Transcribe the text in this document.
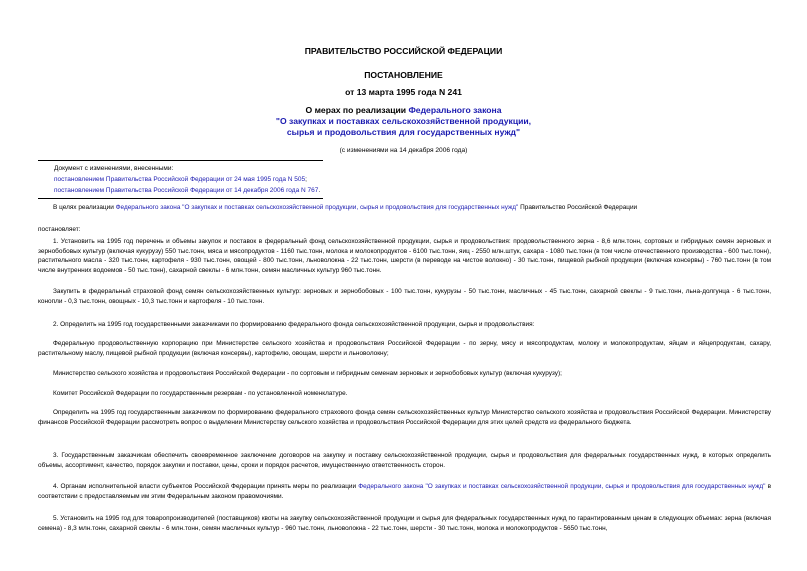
ПРАВИТЕЛЬСТВО РОССИЙСКОЙ ФЕДЕРАЦИИ
ПОСТАНОВЛЕНИЕ
от 13 марта 1995 года N 241
О мерах по реализации Федерального закона
"О закупках и поставках сельскохозяйственной продукции,
сырья и продовольствия для государственных нужд"
(с изменениями на 14 декабря 2006 года)
Документ с изменениями, внесенными:
постановлением Правительства Российской Федерации от 24 мая 1995 года N 505;
постановлением Правительства Российской Федерации от 14 декабря 2006 года N 767.
В целях реализации Федерального закона "О закупках и поставках сельскохозяйственной продукции, сырья и продовольствия для государственных нужд" Правительство Российской Федерации
постановляет:
1. Установить на 1995 год перечень и объемы закупок и поставок в федеральный фонд сельскохозяйственной продукции, сырья и продовольствия: продовольственного зерна - 8,6 млн.тонн, сортовых и гибридных семян зерновых и зернобобовых культур (включая кукурузу) 550 тыс.тонн, мяса и мясопродуктов - 1160 тыс.тонн, молока и молокопродуктов - 6100 тыс.тонн, яиц - 2550 млн.штук, сахара - 1080 тыс.тонн (в том числе отечественного производства - 600 тыс.тонн), растительного масла - 320 тыс.тонн, картофеля - 930 тыс.тонн, овощей - 800 тыс.тонн, льноволокна - 22 тыс.тонн, шерсти (в переводе на чистое волокно) - 30 тыс.тонн, пищевой рыбной продукции (включая консервы) - 760 тыс.тонн (в том числе внутренних водоемов - 50 тыс.тонн), сахарной свеклы - 6 млн.тонн, семян масличных культур 960 тыс.тонн.
Закупить в федеральный страховой фонд семян сельскохозяйственных культур: зерновых и зернобобовых - 100 тыс.тонн, кукурузы - 50 тыс.тонн, масличных - 45 тыс.тонн, сахарной свеклы - 9 тыс.тонн, льна-долгунца - 6 тыс.тонн, конопли - 0,3 тыс.тонн, овощных - 10,3 тыс.тонн и картофеля - 10 тыс.тонн.
2. Определить на 1995 год государственными заказчиками по формированию федерального фонда сельскохозяйственной продукции, сырья и продовольствия:
Федеральную продовольственную корпорацию при Министерстве сельского хозяйства и продовольствия Российской Федерации - по зерну, мясу и мясопродуктам, молоку и молокопродуктам, яйцам и яйцепродуктам, сахару, растительному маслу, пищевой рыбной продукции (включая консервы), картофелю, овощам, шерсти и льноволокну;
Министерство сельского хозяйства и продовольствия Российской Федерации - по сортовым и гибридным семенам зерновых и зернобобовых культур (включая кукурузу);
Комитет Российской Федерации по государственным резервам - по установленной номенклатуре.
Определить на 1995 год государственным заказчиком по формированию федерального страхового фонда семян сельскохозяйственных культур Министерство сельского хозяйства и продовольствия Российской Федерации. Министерству финансов Российской Федерации рассмотреть вопрос о выделении Министерству сельского хозяйства и продовольствия Российской Федерации для этих целей средств из федерального бюджета.
3. Государственным заказчикам обеспечить своевременное заключение договоров на закупку и поставку сельскохозяйственной продукции, сырья и продовольствия для федеральных государственных нужд, в которых определить объемы, ассортимент, качество, порядок закупки и поставки, цены, сроки и порядок расчетов, имущественную ответственность сторон.
4. Органам исполнительной власти субъектов Российской Федерации принять меры по реализации Федерального закона "О закупках и поставках сельскохозяйственной продукции, сырья и продовольствия для государственных нужд" в соответствии с предоставляемым им этим Федеральным законом правомочиями.
5. Установить на 1995 год для товаропроизводителей (поставщиков) квоты на закупку сельскохозяйственной продукции и сырья для федеральных государственных нужд по гарантированным ценам в следующих объемах: зерна (включая семена) - 8,3 млн.тонн, сахарной свеклы - 6 млн.тонн, семян масличных культур - 960 тыс.тонн, льноволокна - 22 тыс.тонн, шерсти - 30 тыс.тонн, молока и молокопродуктов - 5650 тыс.тонн,
